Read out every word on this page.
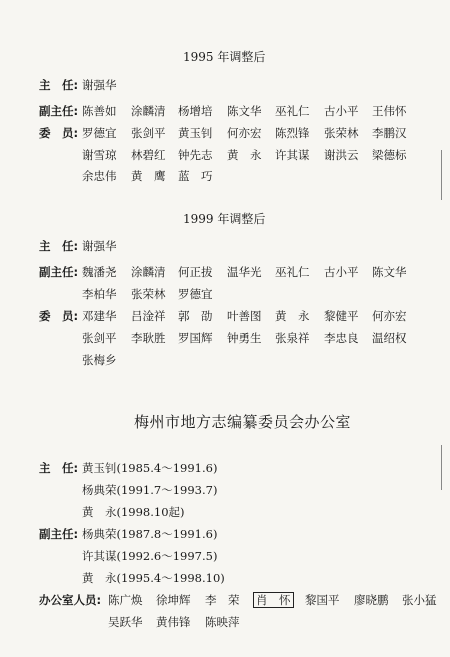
1995 年调整后
主　任: 谢强华
副主任: 陈善如 涂麟清 杨增培 陈文华 巫礼仁 古小平 王伟怀
委　员: 罗德宜 张剑平 黄玉钊 何亦宏 陈烈锋 张荣林 李鹏汉
谢雪琼 林碧红 钟先志 黄　永 许其谋 谢洪云 梁德标
余忠伟 黄　鹰 蓝　巧
1999 年调整后
主　任: 谢强华
副主任: 魏潘尧 涂麟清 何正拔 温华光 巫礼仁 古小平 陈文华
李柏华 张荣林 罗德宜
委　员: 邓建华 吕淦祥 郭　劭 叶善图 黄　永 黎健平 何亦宏
张剑平 李耿胜 罗国辉 钟勇生 张泉祥 李忠良 温绍权
张梅乡
梅州市地方志编纂委员会办公室
主　任: 黄玉钊(1985.4～1991.6)
杨典荣(1991.7～1993.7)
黄　永(1998.10起)
副主任: 杨典荣(1987.8～1991.6)
许其谋(1992.6～1997.5)
黄　永(1995.4～1998.10)
办公室人员: 陈广焕 徐坤辉 李　荣 肖　怀 黎国平 廖晓鹏 张小猛
吴跃华 黄伟锋 陈映萍
